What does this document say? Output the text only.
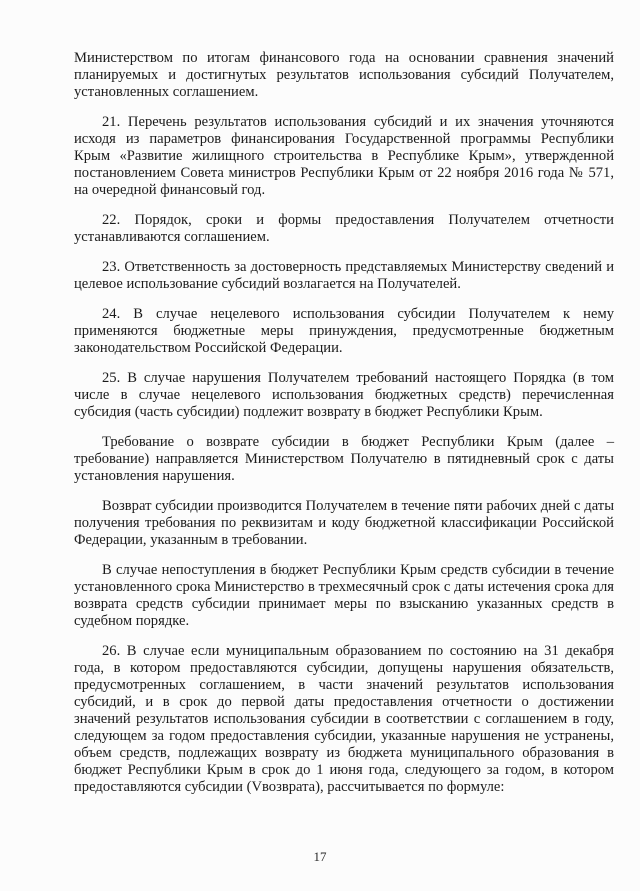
Министерством по итогам финансового года на основании сравнения значений планируемых и достигнутых результатов использования субсидий Получателем, установленных соглашением.

21. Перечень результатов использования субсидий и их значения уточняются исходя из параметров финансирования Государственной программы Республики Крым «Развитие жилищного строительства в Республике Крым», утвержденной постановлением Совета министров Республики Крым от 22 ноября 2016 года № 571, на очередной финансовый год.

22. Порядок, сроки и формы предоставления Получателем отчетности устанавливаются соглашением.

23. Ответственность за достоверность представляемых Министерству сведений и целевое использование субсидий возлагается на Получателей.

24. В случае нецелевого использования субсидии Получателем к нему применяются бюджетные меры принуждения, предусмотренные бюджетным законодательством Российской Федерации.

25. В случае нарушения Получателем требований настоящего Порядка (в том числе в случае нецелевого использования бюджетных средств) перечисленная субсидия (часть субсидии) подлежит возврату в бюджет Республики Крым.

Требование о возврате субсидии в бюджет Республики Крым (далее – требование) направляется Министерством Получателю в пятидневный срок с даты установления нарушения.

Возврат субсидии производится Получателем в течение пяти рабочих дней с даты получения требования по реквизитам и коду бюджетной классификации Российской Федерации, указанным в требовании.

В случае непоступления в бюджет Республики Крым средств субсидии в течение установленного срока Министерство в трехмесячный срок с даты истечения срока для возврата средств субсидии принимает меры по взысканию указанных средств в судебном порядке.

26. В случае если муниципальным образованием по состоянию на 31 декабря года, в котором предоставляются субсидии, допущены нарушения обязательств, предусмотренных соглашением, в части значений результатов использования субсидий, и в срок до первой даты предоставления отчетности о достижении значений результатов использования субсидии в соответствии с соглашением в году, следующем за годом предоставления субсидии, указанные нарушения не устранены, объем средств, подлежащих возврату из бюджета муниципального образования в бюджет Республики Крым в срок до 1 июня года, следующего за годом, в котором предоставляются субсидии (Vвозврата), рассчитывается по формуле:

17
